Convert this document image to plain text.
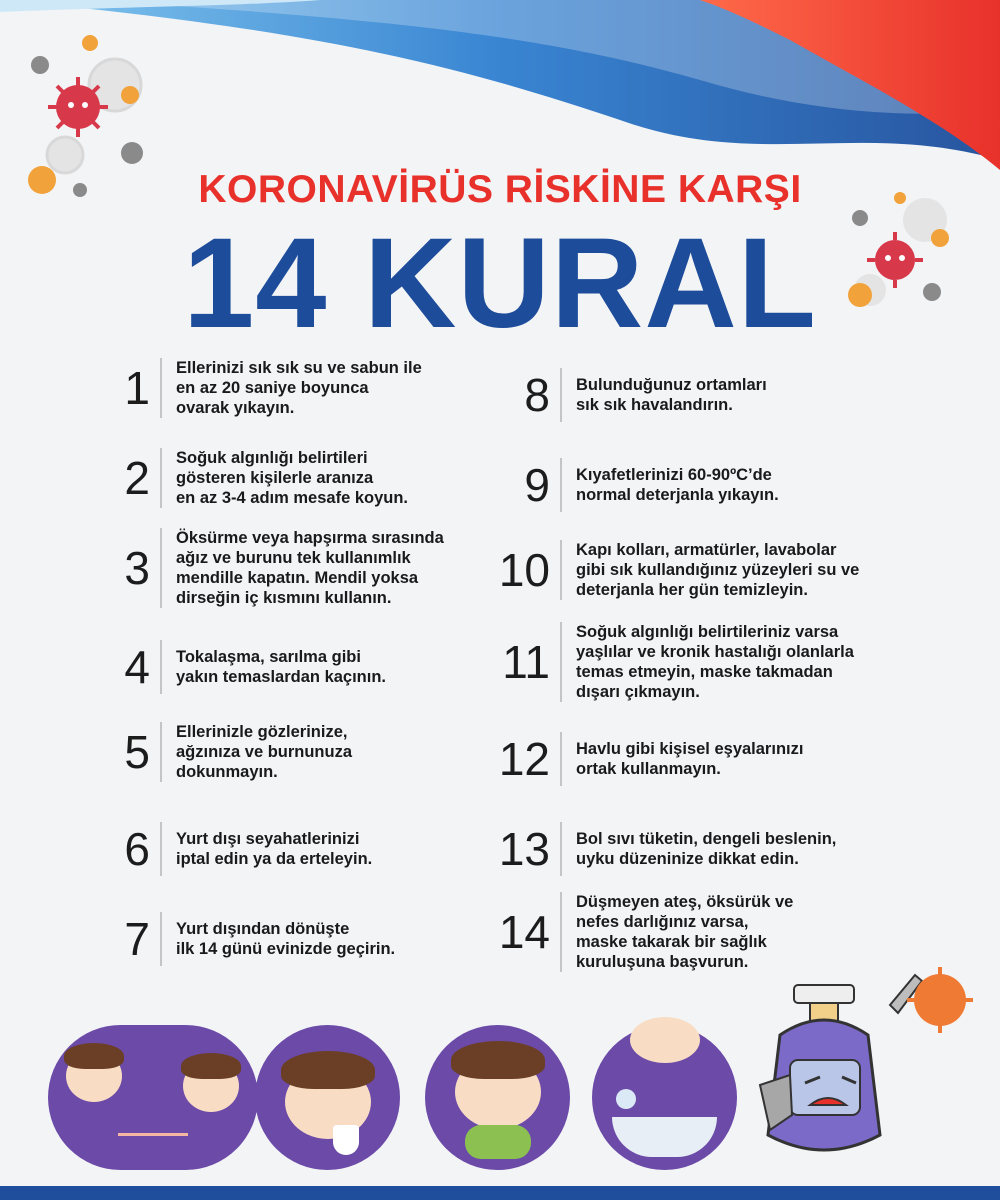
KORONAVİRÜS RİSKİNE KARŞI
14 KURAL
1 Ellerinizi sık sık su ve sabun ile
en az 20 saniye boyunca
ovarak yıkayın.
2 Soğuk algınlığı belirtileri
gösteren kişilerle aranıza
en az 3-4 adım mesafe koyun.
3
Öksürme veya hapşırma sırasında
ağız ve burunu tek kullanımlık
mendille kapatın. Mendil yoksa
dirseğin iç kısmını kullanın.
4 Tokalaşma, sarılma gibi
yakın temaslardan kaçının.
5 Ellerinizle gözlerinize,
ağzınıza ve burnunuza
dokunmayın.
6 Yurt dışı seyahatlerinizi
iptal edin ya da erteleyin.
7 Yurt dışından dönüşte
ilk 14 günü evinizde geçirin.
8 Bulunduğunuz ortamları
sık sık havalandırın.
9 Kıyafetlerinizi 60-90ºC’de
normal deterjanla yıkayın.
10 Kapı kolları, armatürler, lavabolar
gibi sık kullandığınız yüzeyleri su ve
deterjanla her gün temizleyin.
11
Soğuk algınlığı belirtileriniz varsa
yaşlılar ve kronik hastalığı olanlarla
temas etmeyin, maske takmadan
dışarı çıkmayın.
12 Havlu gibi kişisel eşyalarınızı
ortak kullanmayın.
13 Bol sıvı tüketin, dengeli beslenin,
uyku düzeninize dikkat edin.
14
Düşmeyen ateş, öksürük ve
nefes darlığınız varsa,
maske takarak bir sağlık
kuruluşuna başvurun.
